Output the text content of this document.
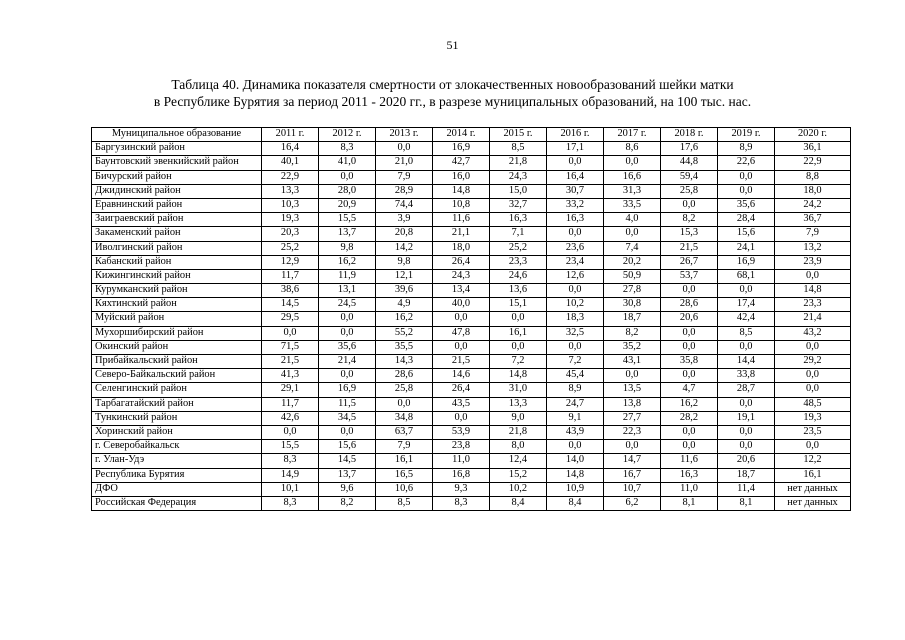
51
Таблица 40. Динамика показателя смертности от злокачественных новообразований шейки матки
в Республике Бурятия за период 2011 - 2020 гг., в разрезе муниципальных образований, на 100 тыс. нас.
Муниципальное образование	2011 г.	2012 г.	2013 г.	2014 г.	2015 г.	2016 г.	2017 г.	2018 г.	2019 г.	2020 г.
Баргузинский район	16,4	8,3	0,0	16,9	8,5	17,1	8,6	17,6	8,9	36,1
Баунтовский эвенкийский район	40,1	41,0	21,0	42,7	21,8	0,0	0,0	44,8	22,6	22,9
Бичурский район	22,9	0,0	7,9	16,0	24,3	16,4	16,6	59,4	0,0	8,8
Джидинский район	13,3	28,0	28,9	14,8	15,0	30,7	31,3	25,8	0,0	18,0
Еравнинский район	10,3	20,9	74,4	10,8	32,7	33,2	33,5	0,0	35,6	24,2
Заиграевский район	19,3	15,5	3,9	11,6	16,3	16,3	4,0	8,2	28,4	36,7
Закаменский район	20,3	13,7	20,8	21,1	7,1	0,0	0,0	15,3	15,6	7,9
Иволгинский район	25,2	9,8	14,2	18,0	25,2	23,6	7,4	21,5	24,1	13,2
Кабанский район	12,9	16,2	9,8	26,4	23,3	23,4	20,2	26,7	16,9	23,9
Кижингинский район	11,7	11,9	12,1	24,3	24,6	12,6	50,9	53,7	68,1	0,0
Курумканский район	38,6	13,1	39,6	13,4	13,6	0,0	27,8	0,0	0,0	14,8
Кяхтинский район	14,5	24,5	4,9	40,0	15,1	10,2	30,8	28,6	17,4	23,3
Муйский район	29,5	0,0	16,2	0,0	0,0	18,3	18,7	20,6	42,4	21,4
Мухоршибирский район	0,0	0,0	55,2	47,8	16,1	32,5	8,2	0,0	8,5	43,2
Окинский район	71,5	35,6	35,5	0,0	0,0	0,0	35,2	0,0	0,0	0,0
Прибайкальский район	21,5	21,4	14,3	21,5	7,2	7,2	43,1	35,8	14,4	29,2
Северо-Байкальский район	41,3	0,0	28,6	14,6	14,8	45,4	0,0	0,0	33,8	0,0
Селенгинский район	29,1	16,9	25,8	26,4	31,0	8,9	13,5	4,7	28,7	0,0
Тарбагатайский район	11,7	11,5	0,0	43,5	13,3	24,7	13,8	16,2	0,0	48,5
Тункинский район	42,6	34,5	34,8	0,0	9,0	9,1	27,7	28,2	19,1	19,3
Хоринский район	0,0	0,0	63,7	53,9	21,8	43,9	22,3	0,0	0,0	23,5
г. Северобайкальск	15,5	15,6	7,9	23,8	8,0	0,0	0,0	0,0	0,0	0,0
г. Улан-Удэ	8,3	14,5	16,1	11,0	12,4	14,0	14,7	11,6	20,6	12,2
Республика Бурятия	14,9	13,7	16,5	16,8	15,2	14,8	16,7	16,3	18,7	16,1
ДФО	10,1	9,6	10,6	9,3	10,2	10,9	10,7	11,0	11,4	нет данных
Российская Федерация	8,3	8,2	8,5	8,3	8,4	8,4	6,2	8,1	8,1	нет данных
